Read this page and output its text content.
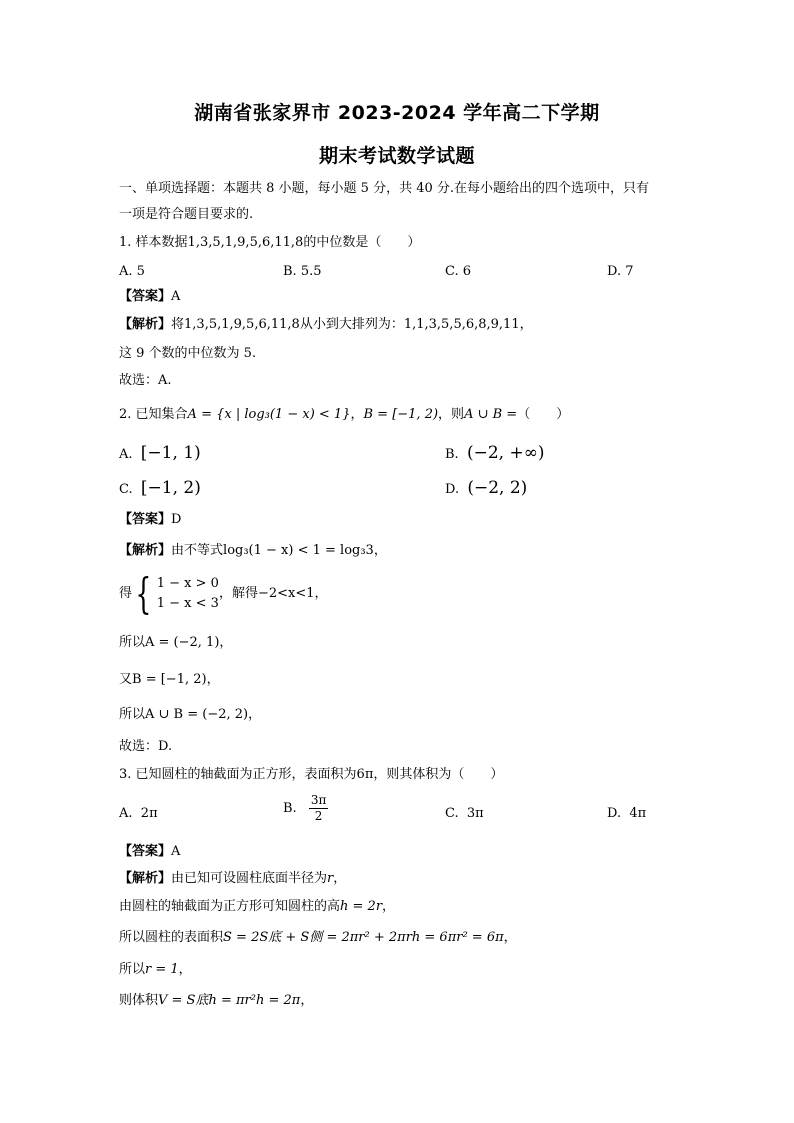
湖南省张家界市 2023-2024 学年高二下学期
期末考试数学试题
一、单项选择题：本题共 8 小题，每小题 5 分，共 40 分.在每小题给出的四个选项中，只有
一项是符合题目要求的.
1. 样本数据1,3,5,1,9,5,6,11,8的中位数是（　　）
A. 5	B. 5.5	C. 6	D. 7
【答案】A
【解析】将1,3,5,1,9,5,6,11,8从小到大排列为：1,1,3,5,5,6,8,9,11，
这 9 个数的中位数为 5.
故选：A.
2. 已知集合A = {x | log₃(1 − x) < 1}，B = [−1, 2)，则A ∪ B =（　　）
A. [−1, 1)	B. (−2, +∞)
C. [−1, 2)	D. (−2, 2)
【答案】D
【解析】由不等式log₃(1 − x) < 1 = log₃3，
得 { 1 − x > 0
1 − x < 3
，解得 −2<x<1 ，
所以A = (−2, 1)，
又B = [−1, 2)，
所以A ∪ B = (−2, 2)，
故选：D.
3. 已知圆柱的轴截面为正方形，表面积为6π，则其体积为（　　）
A. 2π	B. $\frac{3\pi}{2}$	C. 3π	D. 4π
【答案】A
【解析】由已知可设圆柱底面半径为r，
由圆柱的轴截面为正方形可知圆柱的高h = 2r，
所以圆柱的表面积S = 2S底 + S侧 = 2πr² + 2πrh = 6πr² = 6π，
所以r = 1，
则体积V = S底h = πr²h = 2π，
